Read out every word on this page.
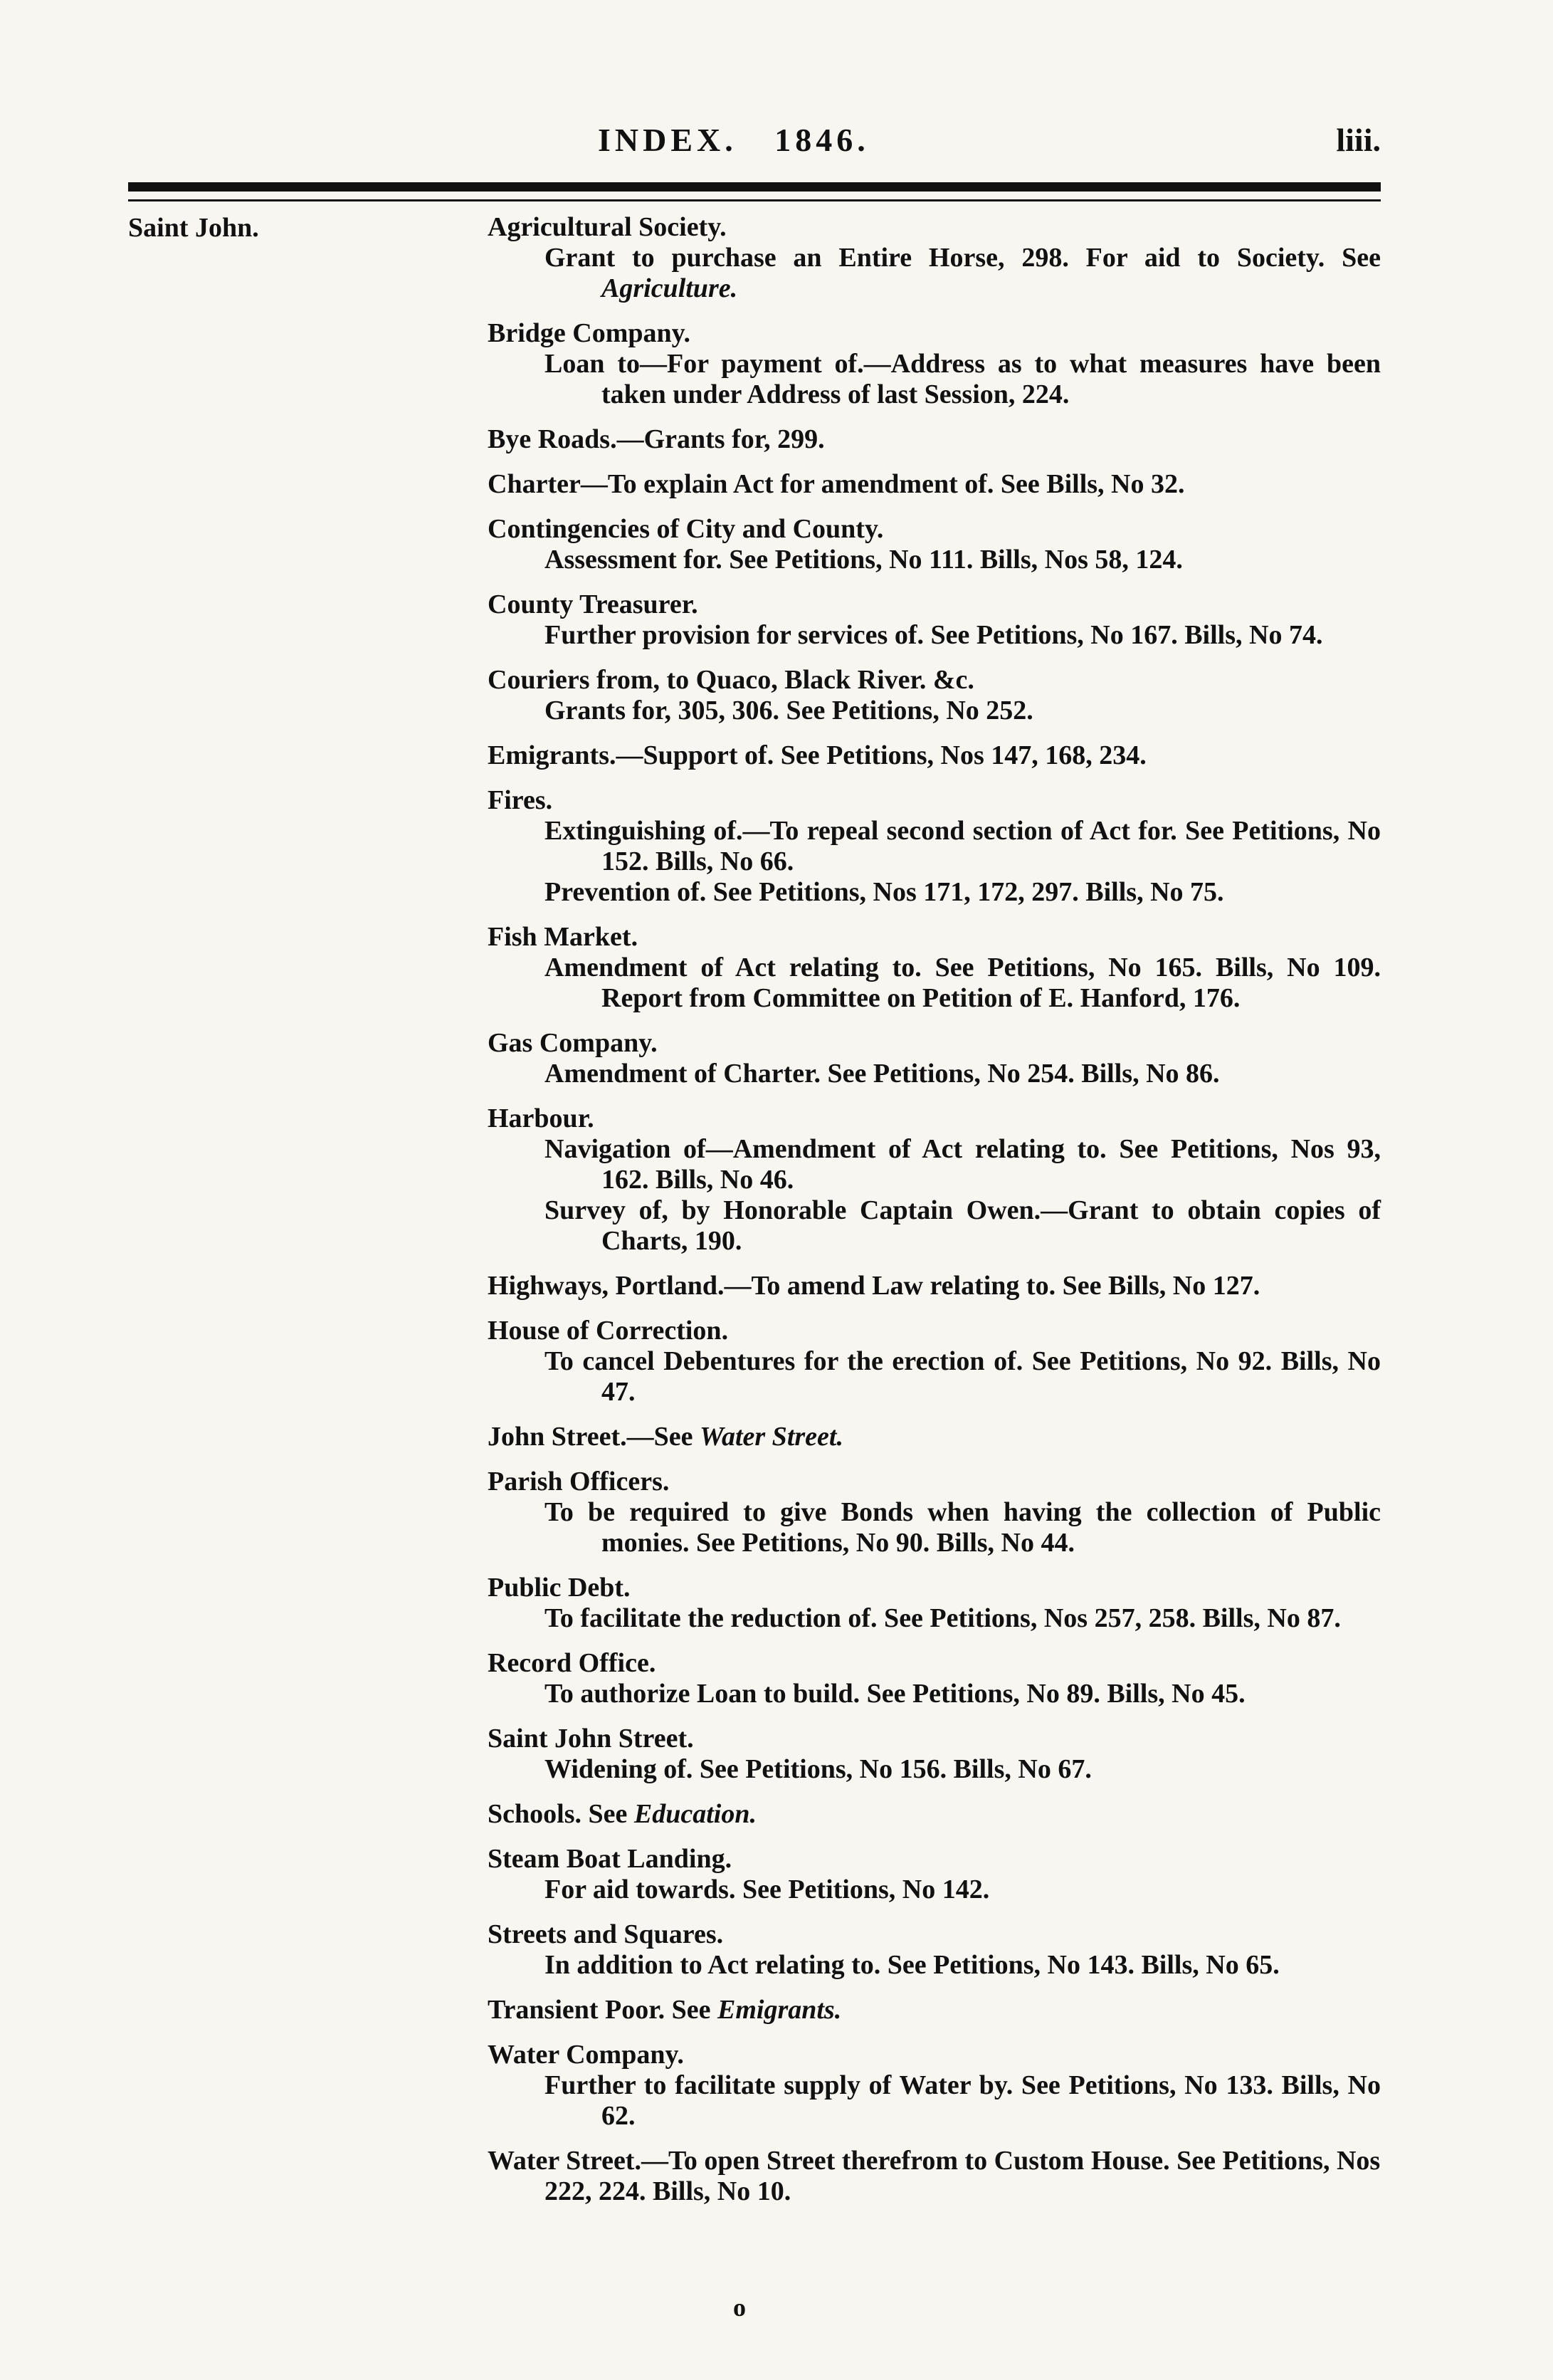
INDEX.   1846.	liii.
Saint John.	Agricultural Society.
Grant to purchase an Entire Horse, 298. For aid to Society. See Agriculture.
Bridge Company.
Loan to—For payment of.—Address as to what measures have been taken under Address of last Session, 224.
Bye Roads.—Grants for, 299.
Charter—To explain Act for amendment of. See Bills, No 32.
Contingencies of City and County.
Assessment for. See Petitions, No 111. Bills, Nos 58, 124.
County Treasurer.
Further provision for services of. See Petitions, No 167. Bills, No 74.
Couriers from, to Quaco, Black River. &c.
Grants for, 305, 306. See Petitions, No 252.
Emigrants.—Support of. See Petitions, Nos 147, 168, 234.
Fires.
Extinguishing of.—To repeal second section of Act for. See Petitions, No 152. Bills, No 66.
Prevention of. See Petitions, Nos 171, 172, 297. Bills, No 75.
Fish Market.
Amendment of Act relating to. See Petitions, No 165. Bills, No 109. Report from Committee on Petition of E. Hanford, 176.
Gas Company.
Amendment of Charter. See Petitions, No 254. Bills, No 86.
Harbour.
Navigation of—Amendment of Act relating to. See Petitions, Nos 93, 162. Bills, No 46.
Survey of, by Honorable Captain Owen.—Grant to obtain copies of Charts, 190.
Highways, Portland.—To amend Law relating to. See Bills, No 127.
House of Correction.
To cancel Debentures for the erection of. See Petitions, No 92. Bills, No 47.
John Street.—See Water Street.
Parish Officers.
To be required to give Bonds when having the collection of Public monies. See Petitions, No 90. Bills, No 44.
Public Debt.
To facilitate the reduction of. See Petitions, Nos 257, 258. Bills, No 87.
Record Office.
To authorize Loan to build. See Petitions, No 89. Bills, No 45.
Saint John Street.
Widening of. See Petitions, No 156. Bills, No 67.
Schools. See Education.
Steam Boat Landing.
For aid towards. See Petitions, No 142.
Streets and Squares.
In addition to Act relating to. See Petitions, No 143. Bills, No 65.
Transient Poor. See Emigrants.
Water Company.
Further to facilitate supply of Water by. See Petitions, No 133. Bills, No 62.
Water Street.—To open Street therefrom to Custom House. See Petitions, Nos 222, 224. Bills, No 10.
o
